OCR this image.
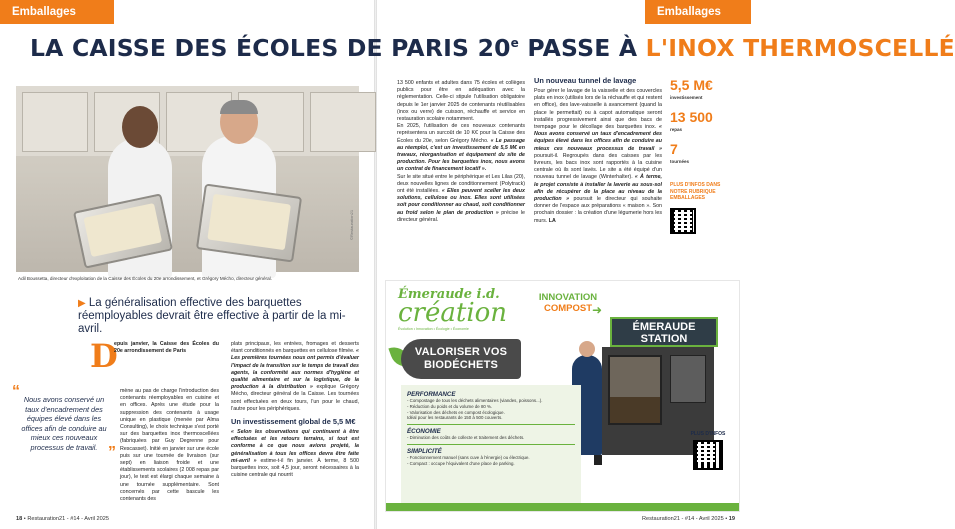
Emballages	Emballages
LA CAISSE DES ÉCOLES DE PARIS 20e PASSE À L'INOX THERMOSCELLÉ
©Restauration21
Adil Boussetta, directeur d'exploitation de la Caisse des Écoles du 20e arrondissement, et Grégory Mécho, directeur général.
▶ La généralisation effective des barquettes réemployables devrait être effective à partir de la mi-avril.
D

epuis janvier, la Caisse des Écoles du 20e arrondissement de Paris

mène au pas de charge l'introduction des contenants réemployables en cuisine et en offices. Après une étude pour la suppression des contenants à usage unique en plastique (menée par Alma Consulting), le choix technique s'est porté sur des barquettes inox thermoscellées (fabriquées par Guy Degrenne pour Rescasset). Initié en janvier sur une école puis sur une tournée de livraison (sur sept) en liaison froide et une établissements scolaires (2 008 repas par jour), le test est élargi chaque semaine à une tournée supplémentaire. Sont concernés par cette bascule les contenants des

“ Nous avons conservé un taux d'encadrement des équipes élevé dans les offices afin de conduire au mieux ces nouveaux processus de travail. ”

plats principaux, les entrées, fromages et desserts étant conditionnés en barquettes en cellulose filmée. « Les premières tournées nous ont permis d'évaluer l'impact de la transition sur le temps de travail des agents, la conformité aux normes d'hygiène et qualité alimentaire et sur la logistique, de la production à la distribution » explique Grégory Mécho, directeur général de la Caisse. Les tournées sont effectuées en deux tours, l'un pour le chaud, l'autre pour les périphériques.

Un investissement global de 5,5 M€

« Selon les observations qui continuent à être effectuées et les retours terrains, si tout est conforme à ce que nous avions projeté, la généralisation à tous les offices devra être faite mi-avril » estime-t-il fin janvier. À terme, 8 500 barquettes inox, soit 4,5 jour, seront nécessaires à la cuisine centrale qui nourrit

13 500 enfants et adultes dans 75 écoles et collèges publics pour être en adéquation avec la réglementation. Celle-ci stipule l'utilisation obligatoire depuis le 1er janvier 2025 de contenants réutilisables (inox ou verre) de cuisson, réchauffe et service en restauration scolaire notamment.

En 2025, l'utilisation de ces nouveaux contenants représentera un surcoût de 10 K€ pour la Caisse des Écoles du 20e, selon Grégory Mécho. « Le passage au réemploi, c'est un investissement de 5,5 M€ en travaux, réorganisation et équipement du site de production. Pour les barquettes inox, nous avons un contrat de financement locatif ».

Sur le site situé entre le périphérique et Les Lilas (20), deux nouvelles lignes de conditionnement (Polytrack) ont été installées. « Elles peuvent sceller les deux solutions, cellulose ou inox. Elles sont utilisées soit pour conditionner au chaud, soit conditionner au froid selon le plan de production » précise le directeur général.

Un nouveau tunnel de lavage

Pour gérer le lavage de la vaisselle et des couvercles plats en inox (utilisés lors de la réchauffe et qui restent en office), des lave-vaisselle à avancement (quand la place le permettait) ou à capot automatique seront installés progressivement ainsi que des bacs de trempage pour le décollage des barquettes inox. « Nous avons conservé un taux d'encadrement des équipes élevé dans les offices afin de conduire au mieux ces nouveaux processus de travail » poursuit-il. Regroupés dans des caisses par les livreurs, les bacs inox sont rapportés à la cuisine centrale où ils sont lavés. Le site a été équipé d'un nouveau tunnel de lavage (Winterhalter). « À terme, le projet consiste à installer la laverie au sous-sol afin de récupérer de la place au niveau de la production » poursuit le directeur qui souhaite donner de l'espace aux préparations « maison ». Son prochain dossier : la création d'une légumerie hors les murs. LA

5,5 M€
investissement
13 500
repas
7
tournées
PLUS D'INFOS DANS NOTRE RUBRIQUE EMBALLAGES
Émeraude i.d.
création
Évolution • Innovation • Écologie • Économie
INNOVATION
COMPOST ➜
VALORISER VOS
BIODÉCHETS
ÉMERAUDE STATION
PERFORMANCE
- Compostage de tous les déchets alimentaires (viandes, poissons...).
- Réduction du poids et du volume de 80 %.
- Valorisation des déchets en compost écologique.
Idéal pour les restaurants de 150 à 500 couverts.
ÉCONOMIE
- Diminution des coûts de collecte et traitement des déchets.
SIMPLICITÉ
- Fonctionnement manuel (sans cuve à l'énergie) ou électrique.
- Compact : occupe l'équivalent d'une place de parking.
PLUS D'INFOS
18 • Restauration21 - #14 - Avril 2025	Restauration21 - #14 - Avril 2025 • 19
